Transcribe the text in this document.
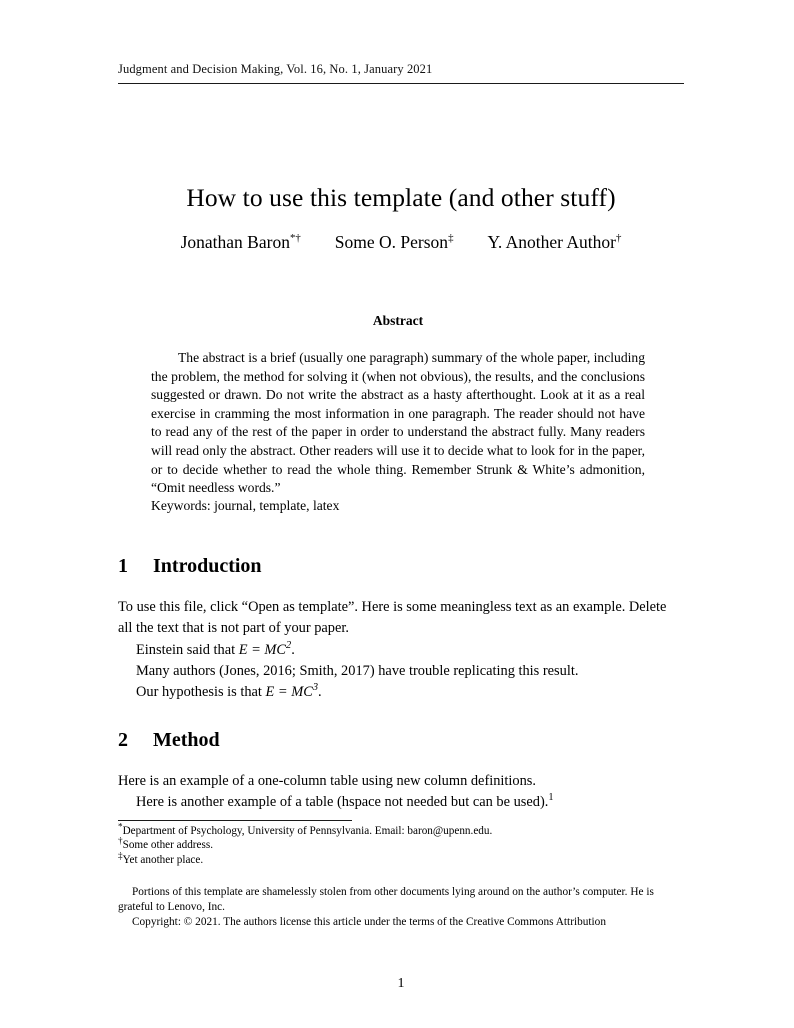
Judgment and Decision Making, Vol. 16, No. 1, January 2021
How to use this template (and other stuff)
Jonathan Baron*† Some O. Person‡ Y. Another Author†
Abstract

The abstract is a brief (usually one paragraph) summary of the whole paper, including the problem, the method for solving it (when not obvious), the results, and the conclusions suggested or drawn. Do not write the abstract as a hasty afterthought. Look at it as a real exercise in cramming the most information in one paragraph. The reader should not have to read any of the rest of the paper in order to understand the abstract fully. Many readers will read only the abstract. Other readers will use it to decide what to look for in the paper, or to decide whether to read the whole thing. Remember Strunk & White’s admonition, “Omit needless words.”

Keywords: journal, template, latex
1 Introduction
To use this file, click “Open as template”. Here is some meaningless text as an example. Delete all the text that is not part of your paper.
Einstein said that $E = MC^2$.
Many authors (Jones, 2016; Smith, 2017) have trouble replicating this result.
Our hypothesis is that $E = MC^3$.
2 Method
Here is an example of a one-column table using new column definitions.
Here is another example of a table (hspace not needed but can be used).$^1$

*Department of Psychology, University of Pennsylvania. Email: baron@upenn.edu.

†Some other address.

‡Yet another place.

Portions of this template are shamelessly stolen from other documents lying around on the author’s computer. He is grateful to Lenovo, Inc.

Copyright: © 2021. The authors license this article under the terms of the Creative Commons Attribution

1
